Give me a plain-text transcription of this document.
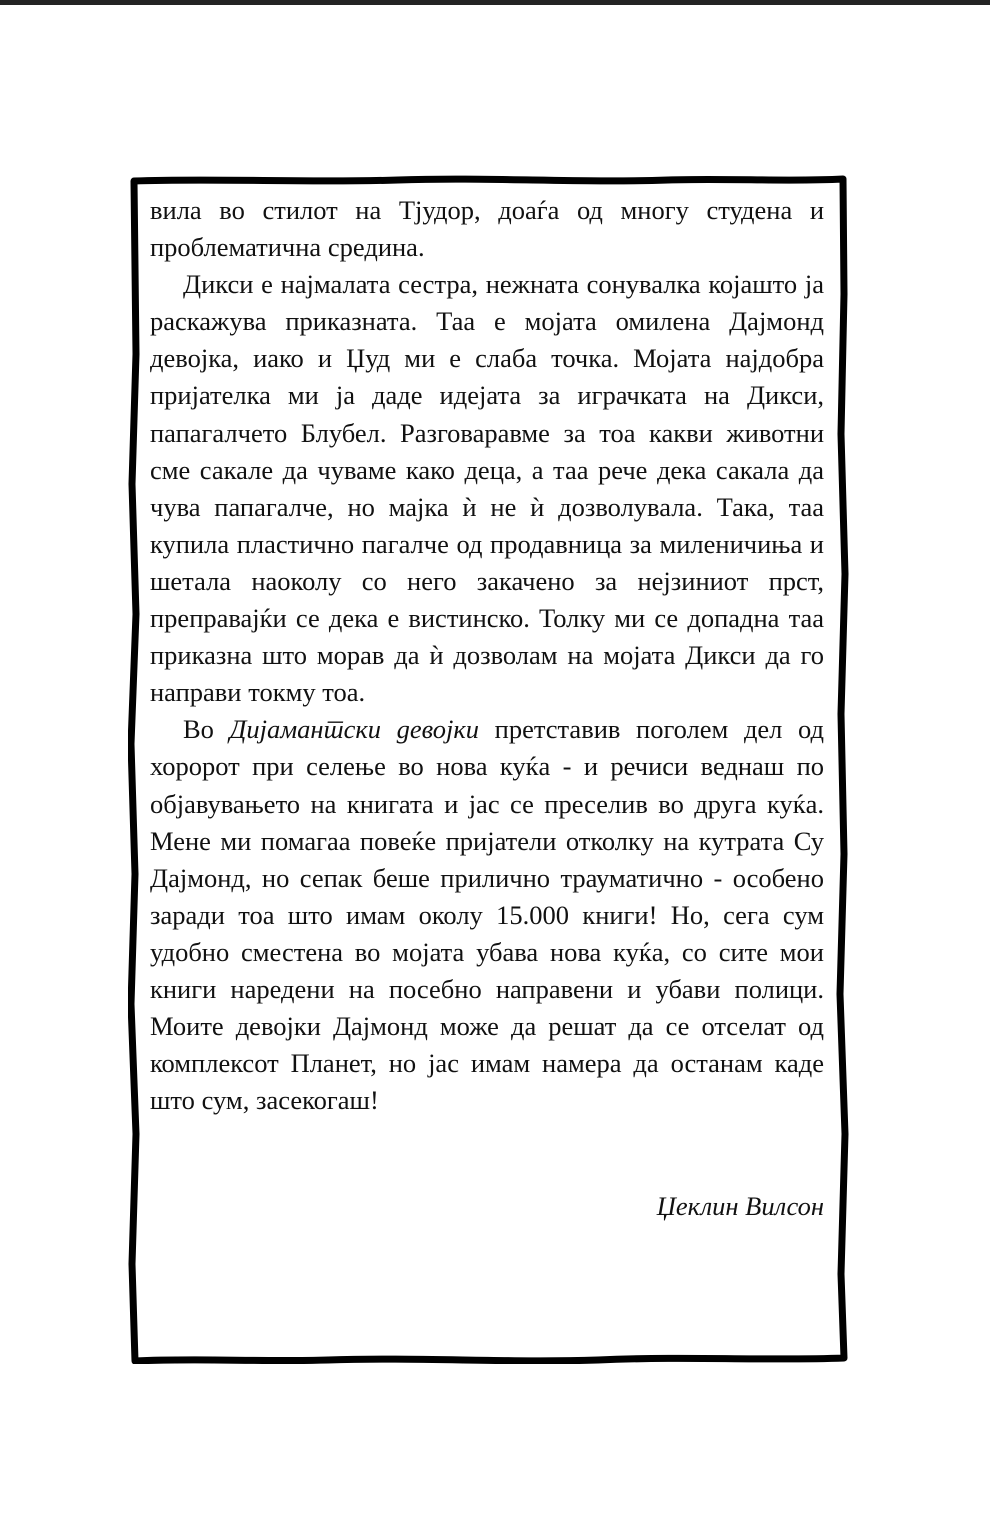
вила во стилот на Тјудор, доаѓа од многу студена и проблематична средина.

Дикси е најмалата сестра, нежната сонувалка којашто ја раскажува приказната. Таа е мојата омилена Дајмонд девојка, иако и Џуд ми е слаба точка. Мојата најдобра пријателка ми ја даде идејата за играчката на Дикси, папагалчето Блубел. Разговаравме за тоа какви животни сме сакале да чуваме како деца, а таа рече дека сакала да чува папагалче, но мајка ѝ не ѝ дозволувала. Така, таа купила пластично пагалче од продавница за миленичиња и шетала наоколу со него закачено за нејзиниот прст, преправајќи се дека е вистинско. Толку ми се допадна таа приказна што морав да ѝ дозволам на мојата Дикси да го направи токму тоа.

Во Дијамантски девојки претставив поголем дел од хоророт при селење во нова куќа - и речиси веднаш по објавувањето на книгата и јас се преселив во друга куќа. Мене ми помагаа повеќе пријатели отколку на кутрата Су Дајмонд, но сепак беше прилично трауматично - особено заради тоа што имам околу 15.000 книги! Но, сега сум удобно сместена во мојата убава нова куќа, со сите мои книги наредени на посебно направени и убави полици. Моите девојки Дајмонд може да решат да се отселат од комплексот Планет, но јас имам намера да останам каде што сум, засекогаш!

Џеклин Вилсон
